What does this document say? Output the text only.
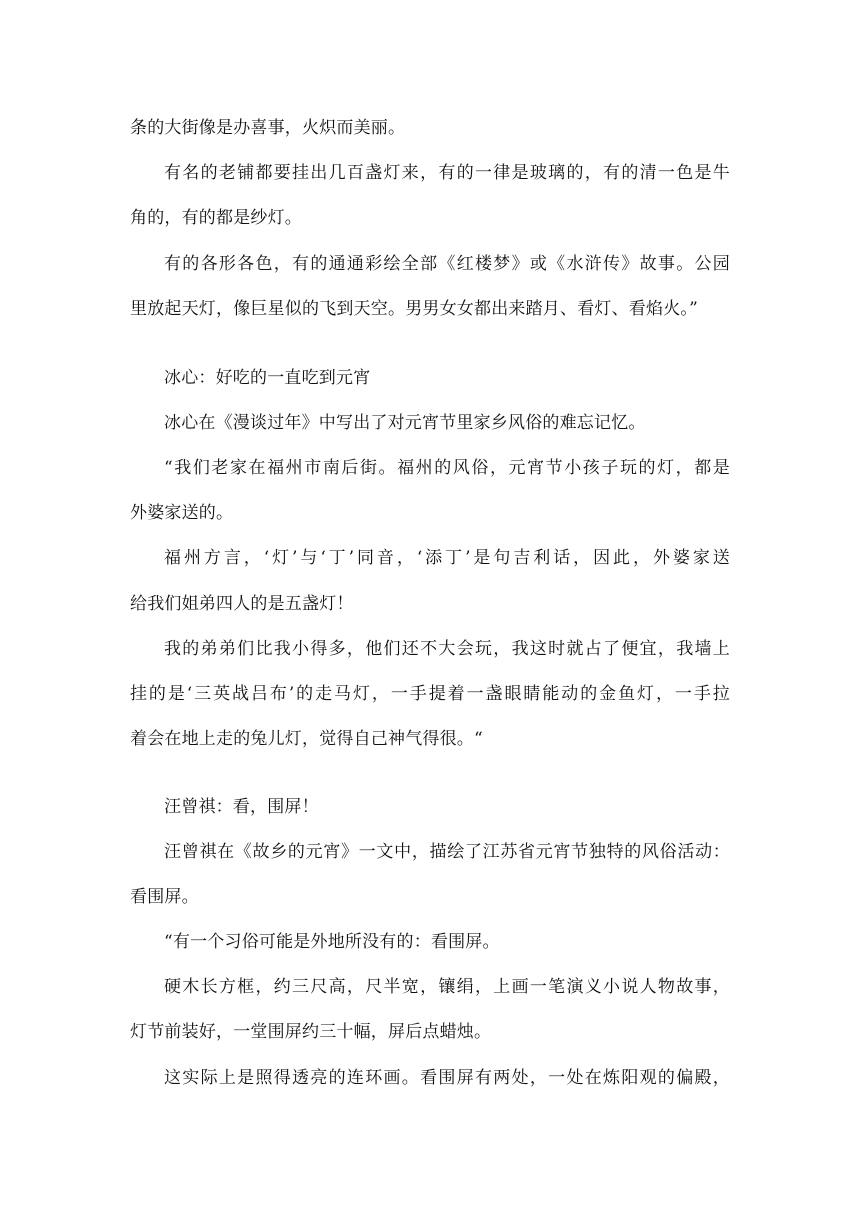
条的大街像是办喜事，火炽而美丽。
有名的老铺都要挂出几百盏灯来，有的一律是玻璃的，有的清一色是牛
角的，有的都是纱灯。
有的各形各色，有的通通彩绘全部《红楼梦》或《水浒传》故事。公园
里放起天灯，像巨星似的飞到天空。男男女女都出来踏月、看灯、看焰火。”
冰心：好吃的一直吃到元宵
冰心在《漫谈过年》中写出了对元宵节里家乡风俗的难忘记忆。
“我们老家在福州市南后街。福州的风俗，元宵节小孩子玩的灯，都是
外婆家送的。
福州方言，‘灯’与‘丁’同音，‘添丁’是句吉利话，因此，外婆家送
给我们姐弟四人的是五盏灯！
我的弟弟们比我小得多，他们还不大会玩，我这时就占了便宜，我墙上
挂的是‘三英战吕布’的走马灯，一手提着一盏眼睛能动的金鱼灯，一手拉
着会在地上走的兔儿灯，觉得自己神气得很。“
汪曾祺：看，围屏！
汪曾祺在《故乡的元宵》一文中，描绘了江苏省元宵节独特的风俗活动：
看围屏。
“有一个习俗可能是外地所没有的：看围屏。
硬木长方框，约三尺高，尺半宽，镶绢，上画一笔演义小说人物故事，
灯节前装好，一堂围屏约三十幅，屏后点蜡烛。
这实际上是照得透亮的连环画。看围屏有两处，一处在炼阳观的偏殿，
